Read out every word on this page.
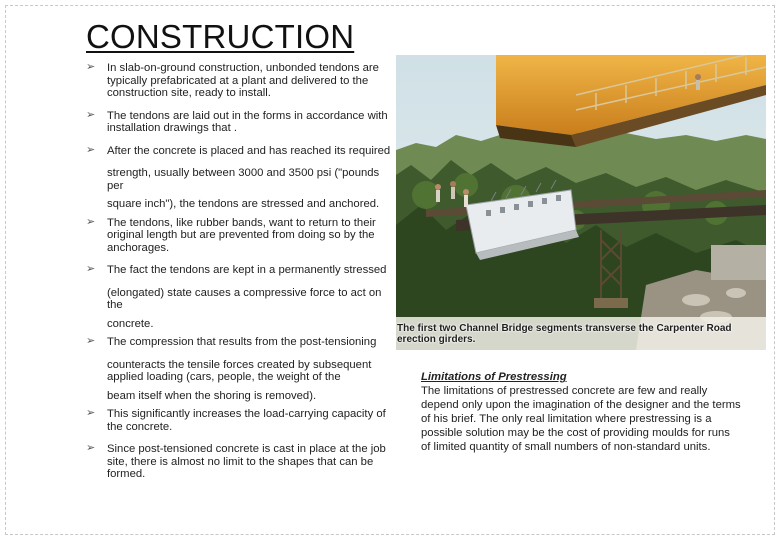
CONSTRUCTION
➢ In slab-on-ground construction, unbonded tendons are typically prefabricated at a plant and delivered to the construction site, ready to install.
➢ The tendons are laid out in the forms in accordance with installation drawings that .
➢ After the concrete is placed and has reached its required
strength, usually between 3000 and 3500 psi ("pounds per
square inch"), the tendons are stressed and anchored.
➢ The tendons, like rubber bands, want to return to their original length but are prevented from doing so by the anchorages.
➢ The fact the tendons are kept in a permanently stressed
(elongated) state causes a compressive force to act on the
concrete.
➢ The compression that results from the post-tensioning
counteracts the tensile forces created by subsequent applied loading (cars, people, the weight of the
beam itself when the shoring is removed).
➢ This significantly increases the load-carrying capacity of the concrete.
➢ Since post-tensioned concrete is cast in place at the job site, there is almost no limit to the shapes that can be formed.
The first two Channel Bridge segments transverse the Carpenter Road erection girders.
Limitations of Prestressing
The limitations of prestressed concrete are few and really depend only upon the imagination of the designer and the terms of his brief. The only real limitation where prestressing is a possible solution may be the cost of providing moulds for runs of limited quantity of small numbers of non-standard units.
